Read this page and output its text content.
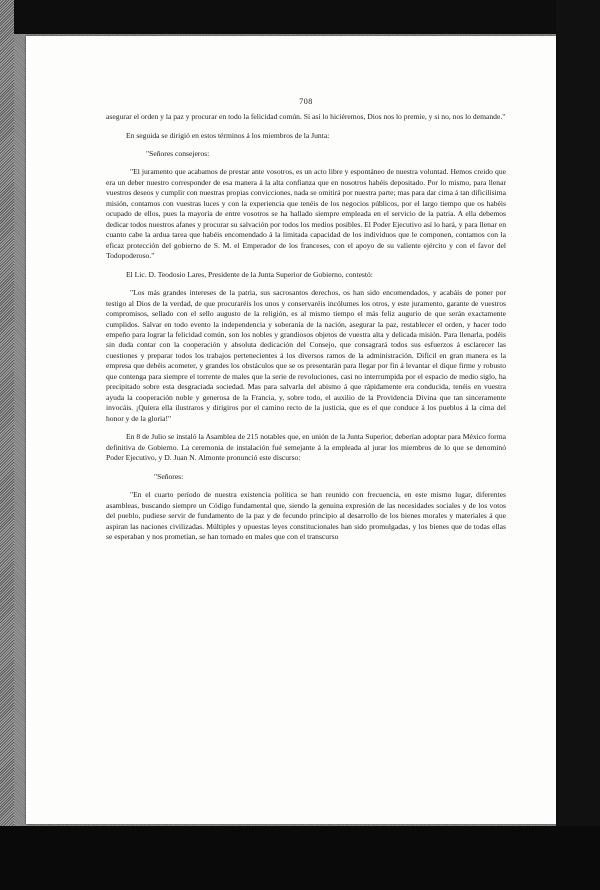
708

asegurar el orden y la paz y procurar en todo la felicidad común. Si así lo hiciéremos, Dios nos lo premie, y si no, nos lo demande."

En seguida se dirigió en estos términos á los miembros de la Junta:

"Señores consejeros:

"El juramento que acabamos de prestar ante vosotros, es un acto libre y espontáneo de nuestra voluntad. Hemos creido que era un deber nuestro corresponder de esa manera á la alta confianza que en nosotros habéis depositado. Por lo mismo, para llenar vuestros deseos y cumplir con nuestras propias convicciones, nada se omitirá por nuestra parte; mas para dar cima á tan dificilísima misión, contamos con vuestras luces y con la experiencia que tenéis de los negocios públicos, por el largo tiempo que os habéis ocupado de ellos, pues la mayoría de entre vosotros se ha hallado siempre empleada en el servicio de la patria. A ella debemos dedicar todos nuestros afanes y procurar su salvación por todos los medios posibles. El Poder Ejecutivo así lo hará, y para llenar en cuanto cabe la ardua tarea que habéis encomendado á la limitada capacidad de los individuos que le componen, contamos con la eficaz protección del gobierno de S. M. el Emperador de los franceses, con el apoyo de su valiente ejército y con el favor del Todopoderoso."

El Lic. D. Teodosio Lares, Presidente de la Junta Superior de Gobierno, contestó:

"Los más grandes intereses de la patria, sus sacrosantos derechos, os han sido encomendados, y acabáis de poner por testigo al Dios de la verdad, de que procuraréis los unos y conservaréis incólumes los otros, y este juramento, garante de vuestros compromisos, sellado con el sello augusto de la religión, es al mismo tiempo el más feliz augurio de que serán exactamente cumplidos. Salvar en todo evento la independencia y soberanía de la nación, asegurar la paz, restablecer el orden, y hacer todo empeño para lograr la felicidad común, son los nobles y grandiosos objetos de vuestra alta y delicada misión. Para llenarla, podéis sin duda contar con la cooperación y absoluta dedicación del Consejo, que consagrará todos sus esfuerzos á esclarecer las cuestiones y preparar todos los trabajos pertenecientes á los diversos ramos de la administración. Difícil en gran manera es la empresa que debéis acometer, y grandes los obstáculos que se os presentarán para llegar por fin á levantar el dique firme y robusto que contenga para siempre el torrente de males que la serie de revoluciones, casi no interrumpida por el espacio de medio siglo, ha precipitado sobre esta desgraciada sociedad. Mas para salvarla del abismo á que rápidamente era conducida, tenéis en vuestra ayuda la cooperación noble y generosa de la Francia, y, sobre todo, el auxilio de la Providencia Divina que tan sinceramente invocáis. ¡Quiera ella ilustraros y dirigiros por el camino recto de la justicia, que es el que conduce á los pueblos á la cima del honor y de la gloria!"

En 8 de Julio se instaló la Asamblea de 215 notables que, en unión de la Junta Superior, deberían adoptar para México forma definitiva de Gobierno. La ceremonia de instalación fué semejante á la empleada al jurar los miembros de lo que se denominó Poder Ejecutivo, y D. Juan N. Almonte pronunció este discurso:

"Señores:

"En el cuarto período de nuestra existencia política se han reunido con frecuencia, en este mismo lugar, diferentes asambleas, buscando siempre un Código fundamental que, siendo la genuina expresión de las necesidades sociales y de los votos del pueblo, pudiese servir de fundamento de la paz y de fecundo principio al desarrollo de los bienes morales y materiales á que aspiran las naciones civilizadas. Múltiples y opuestas leyes constitucionales han sido promulgadas, y los bienes que de todas ellas se esperaban y nos prometían, se han tornado en males que con el transcurso
